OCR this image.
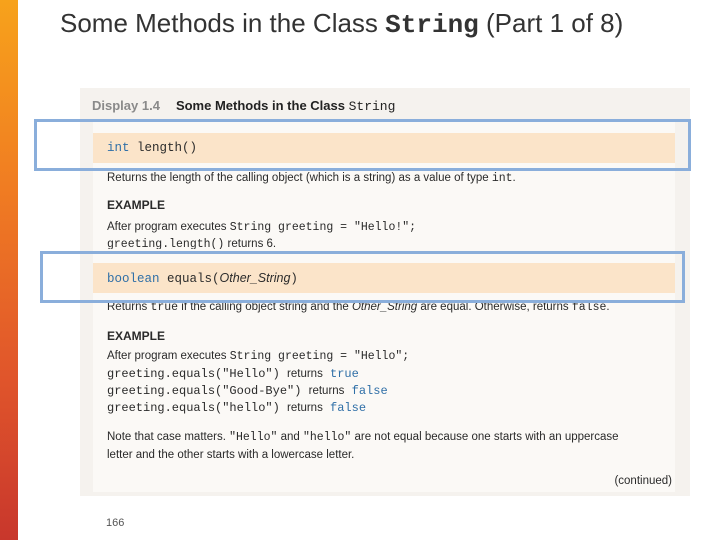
Some Methods in the Class String (Part 1 of 8)
Display 1.4 Some Methods in the Class String
int length()
Returns the length of the calling object (which is a string) as a value of type int.
EXAMPLE
After program executes String greeting = "Hello!";
greeting.length() returns 6.
boolean equals(Other_String)
Returns true if the calling object string and the Other_String are equal. Otherwise, returns false.
EXAMPLE
After program executes String greeting = "Hello";
greeting.equals("Hello") returns true
greeting.equals("Good-Bye") returns false
greeting.equals("hello") returns false
Note that case matters. "Hello" and "hello" are not equal because one starts with an uppercase
letter and the other starts with a lowercase letter.
(continued)
166
